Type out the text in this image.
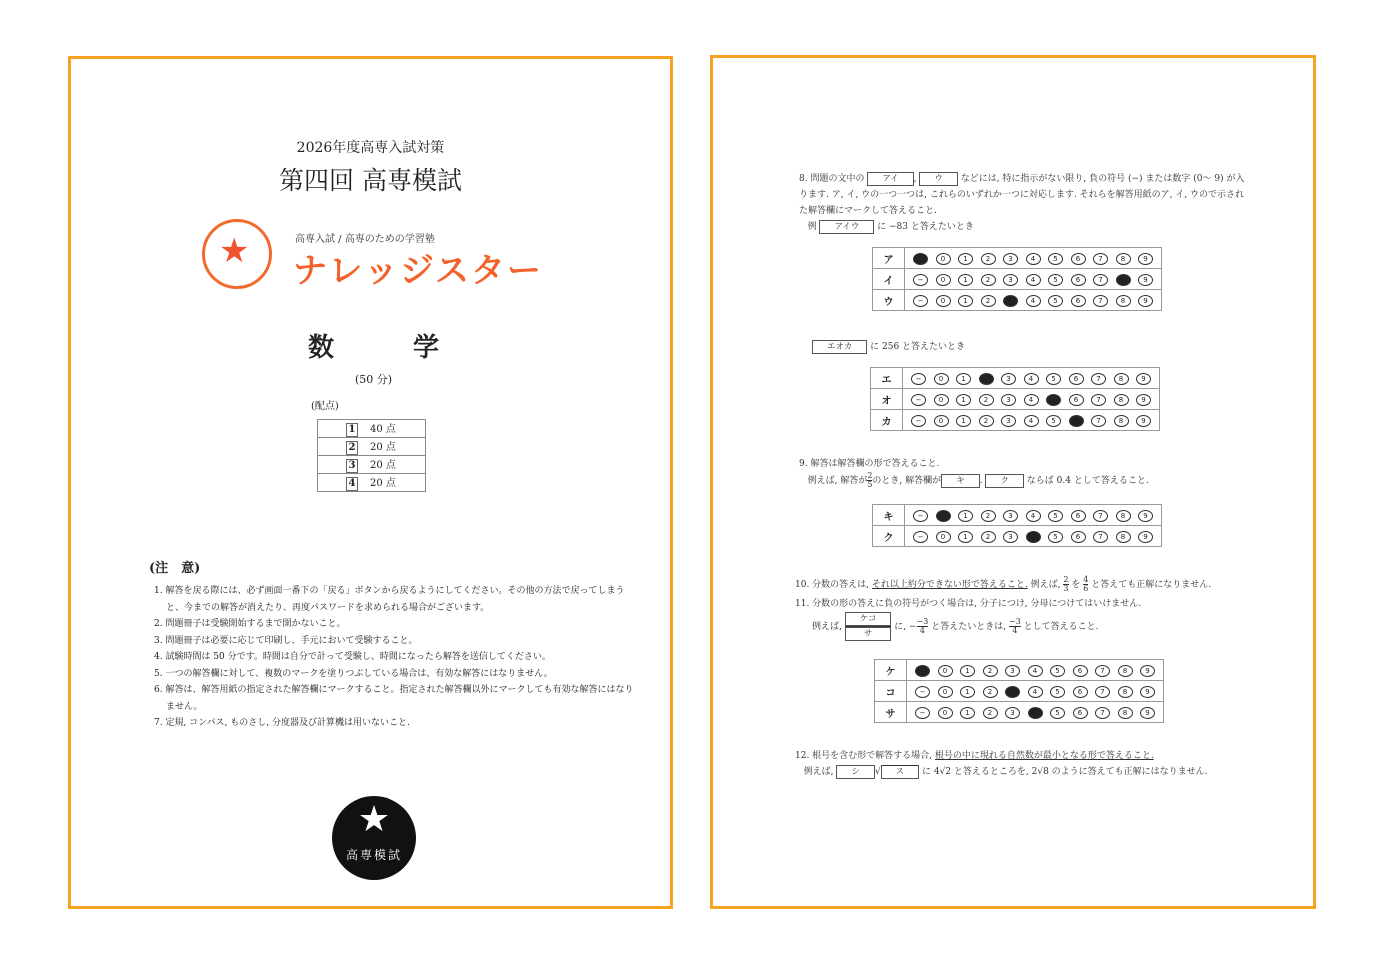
2026年度高専入試対策
第四回 高専模試
★	高専入試 / 高専のための学習塾
ナレッジスター
数	学
(50 分)
(配点)
1 40 点
2 20 点
3 20 点
4 20 点
(注　意)
1. 解答を戻る際には、必ず画面一番下の「戻る」ボタンから戻るようにしてください。その他の方法で戻ってしまうと、今までの解答が消えたり、再度パスワードを求められる場合がございます。
2. 問題冊子は受験開始するまで開かないこと。
3. 問題冊子は必要に応じて印刷し、手元において受験すること。
4. 試験時間は 50 分です。時間は自分で計って受験し、時間になったら解答を送信してください。
5. 一つの解答欄に対して、複数のマークを塗りつぶしている場合は、有効な解答にはなりません。
6. 解答は、解答用紙の指定された解答欄にマークすること。指定された解答欄以外にマークしても有効な解答にはなりません。
7. 定規, コンパス, ものさし, 分度器及び計算機は用いないこと.
★
高専模試
8. 問題の文中の アイ , ウ などには, 特に指示がない限り, 負の符号 (−) または数字 (0〜 9) が入ります. ア, イ, ウの一つ一つは, これらのいずれか一つに対応します. それらを解答用紙のア, イ, ウので示された解答欄にマークして答えること.
例 アイウ に −83 と答えたいとき
エオカ に 256 と答えたいとき
9. 解答は解答欄の形で答えること.
例えば, 解答が $\frac{2}{5}$ のとき, 解答欄が キ . ク ならば 0.4 として答えること.
10. 分数の答えは, それ以上約分できない形で答えること. 例えば, $\frac{2}{3}$ を $\frac{4}{6}$ と答えても正解になりません.
11. 分数の形の答えに負の符号がつく場合は, 分子につけ, 分母につけてはいけません.
例えば, $\frac{\text{ケコ}}{\text{サ}}$ に, − $\frac{-3}{4}$ と答えたいときは, $\frac{-3}{4}$ として答えること.
12. 根号を含む形で解答する場合, 根号の中に現れる自然数が最小となる形で答えること.
例えば, シ √ ス に 4√2 と答えるところを, 2√8 のように答えても正解にはなりません.
ア	− 0 1 2 3 4 5 6 7 8 9
イ	− 0 1 2 3 4 5 6 7 8 9
ウ	− 0 1 2 3 4 5 6 7 8 9
エ	− 0 1 2 3 4 5 6 7 8 9
オ	− 0 1 2 3 4 5 6 7 8 9
カ	− 0 1 2 3 4 5 6 7 8 9
キ	− 0 1 2 3 4 5 6 7 8 9
ク	− 0 1 2 3 4 5 6 7 8 9
ケ	− 0 1 2 3 4 5 6 7 8 9
コ	− 0 1 2 3 4 5 6 7 8 9
サ	− 0 1 2 3 4 5 6 7 8 9
